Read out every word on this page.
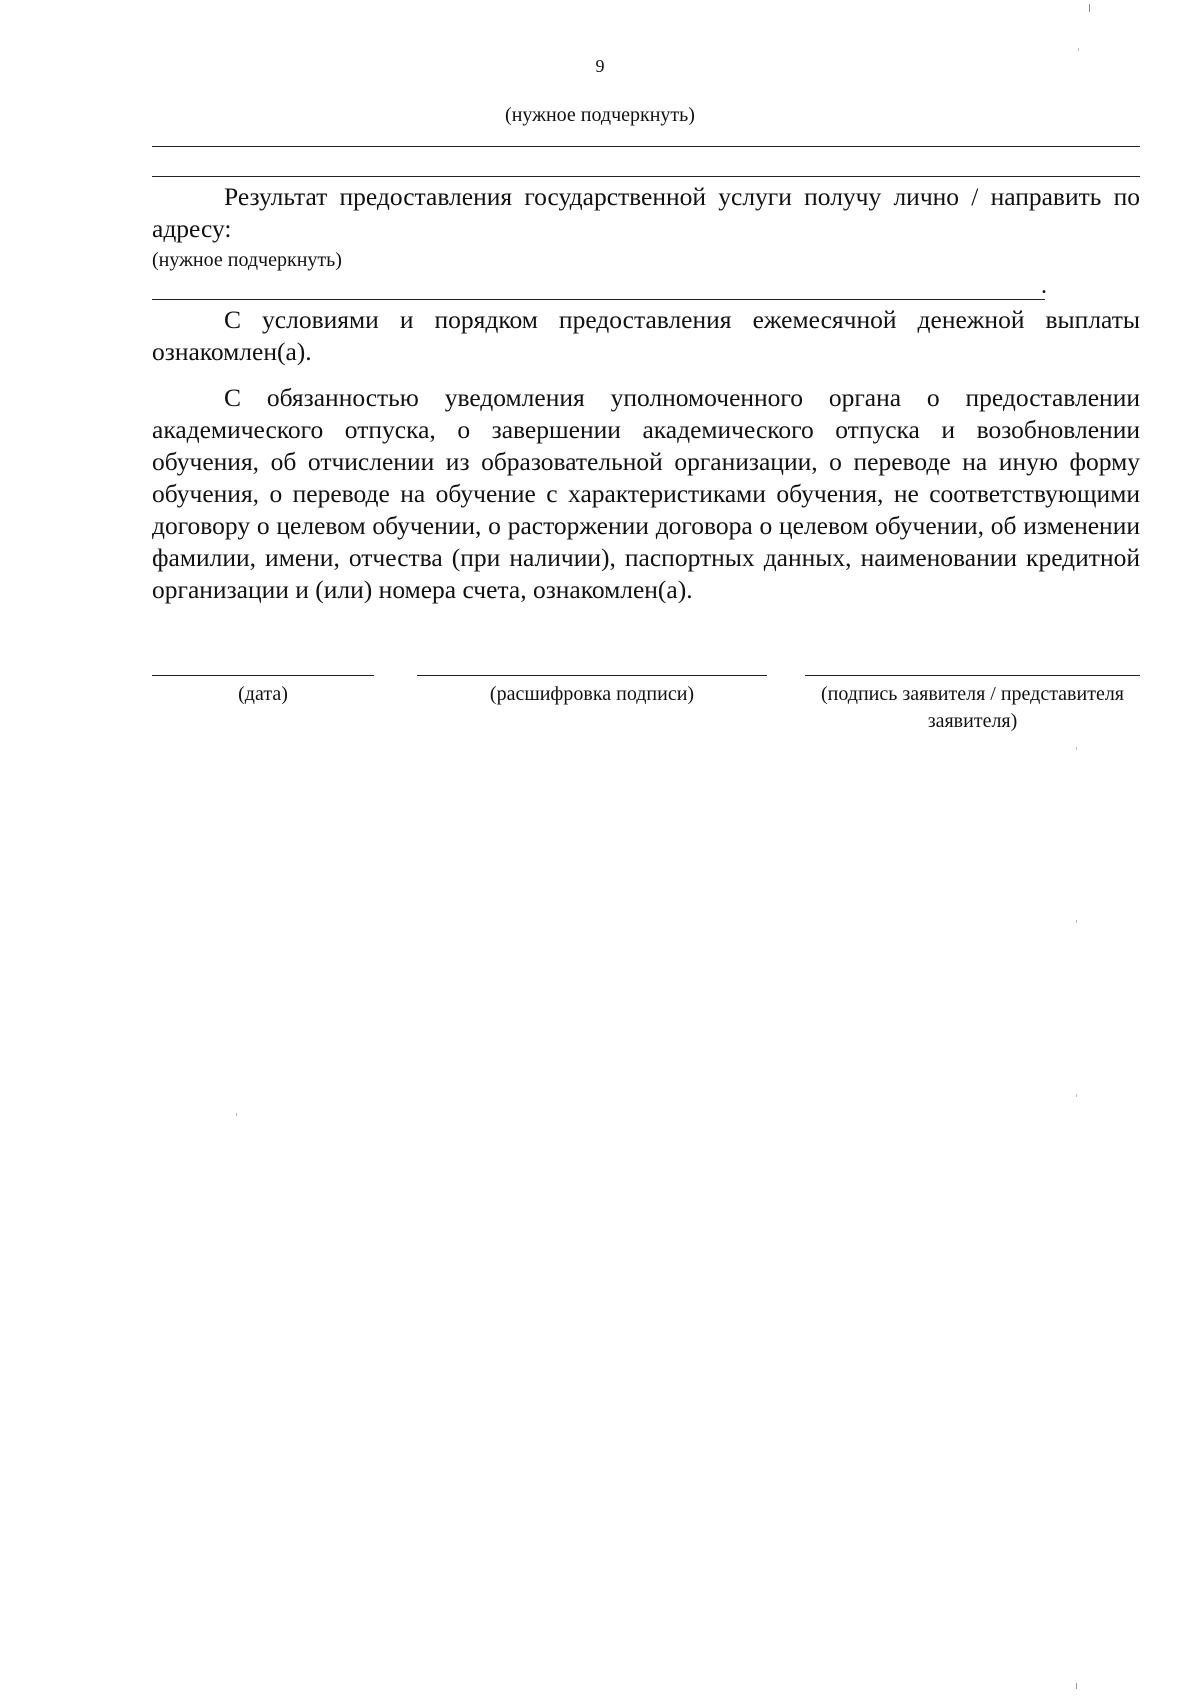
9
(нужное подчеркнуть)

Результат предоставления государственной услуги получу лично / направить по адресу:

(нужное подчеркнуть)
.

С условиями и порядком предоставления ежемесячной денежной выплаты ознакомлен(а).

С обязанностью уведомления уполномоченного органа о предоставлении академического отпуска, о завершении академического отпуска и возобновлении обучения, об отчислении из образовательной организации, о переводе на иную форму обучения, о переводе на обучение с характеристиками обучения, не соответствующими договору о целевом обучении, о расторжении договора о целевом обучении, об изменении фамилии, имени, отчества (при наличии), паспортных данных, наименовании кредитной организации и (или) номера счета, ознакомлен(а).

(дата)	(расшифровка подписи)	(подпись заявителя / представителя заявителя)
